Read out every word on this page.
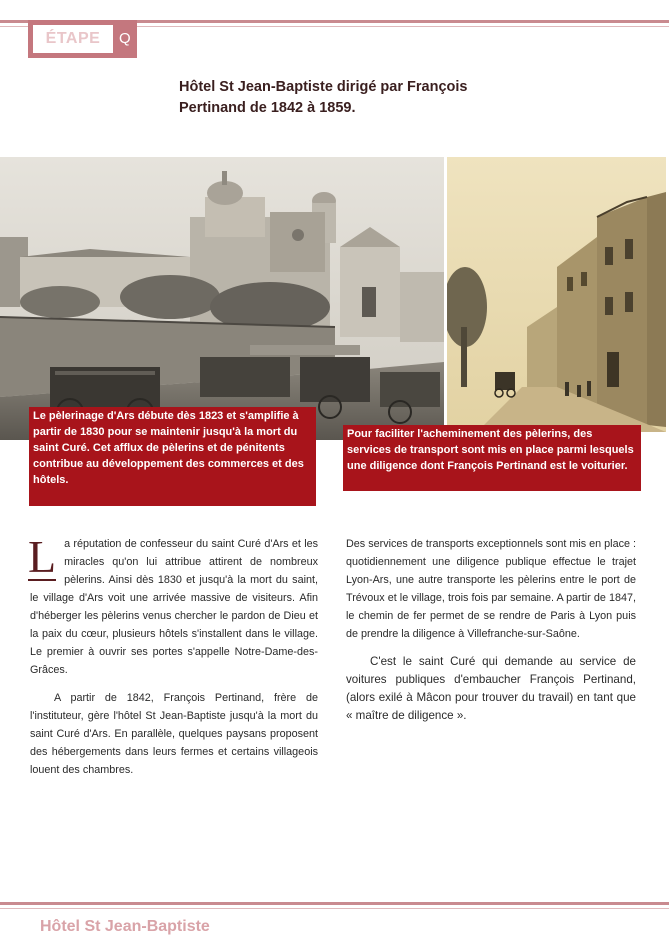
ÉTAPE	Q
Hôtel St Jean-Baptiste dirigé par François
Pertinand de 1842 à 1859.
Le pèlerinage d'Ars débute dès 1823 et s'amplifie à partir de 1830 pour se maintenir jusqu'à la mort du saint Curé. Cet afflux de pèlerins et de pénitents contribue au développement des commerces et des hôtels.
Pour faciliter l'acheminement des pèlerins, des services de transport sont mis en place parmi lesquels une diligence dont François Pertinand est le voiturier.

L a réputation de confesseur du saint Curé d'Ars et les miracles qu'on lui attribue attirent de nombreux pèlerins. Ainsi dès 1830 et jusqu'à la mort du saint, le village d'Ars voit une arrivée massive de visiteurs. Afin d'héberger les pèlerins venus chercher le pardon de Dieu et la paix du cœur, plusieurs hôtels s'installent dans le village. Le premier à ouvrir ses portes s'appelle Notre-Dame-des-Grâces.

A partir de 1842, François Pertinand, frère de l'instituteur, gère l'hôtel St Jean-Baptiste jusqu'à la mort du saint Curé d'Ars. En parallèle, quelques paysans proposent des hébergements dans leurs fermes et certains villageois louent des chambres.

Des services de transports exceptionnels sont mis en place : quotidiennement une diligence publique effectue le trajet Lyon-Ars, une autre transporte les pèlerins entre le port de Trévoux et le village, trois fois par semaine. A partir de 1847, le chemin de fer permet de se rendre de Paris à Lyon puis de prendre la diligence à Villefranche-sur-Saône.

C'est le saint Curé qui demande au service de voitures publiques d'embaucher François Pertinand, (alors exilé à Mâcon pour trouver du travail) en tant que « maître de diligence ».

Hôtel St Jean-Baptiste
